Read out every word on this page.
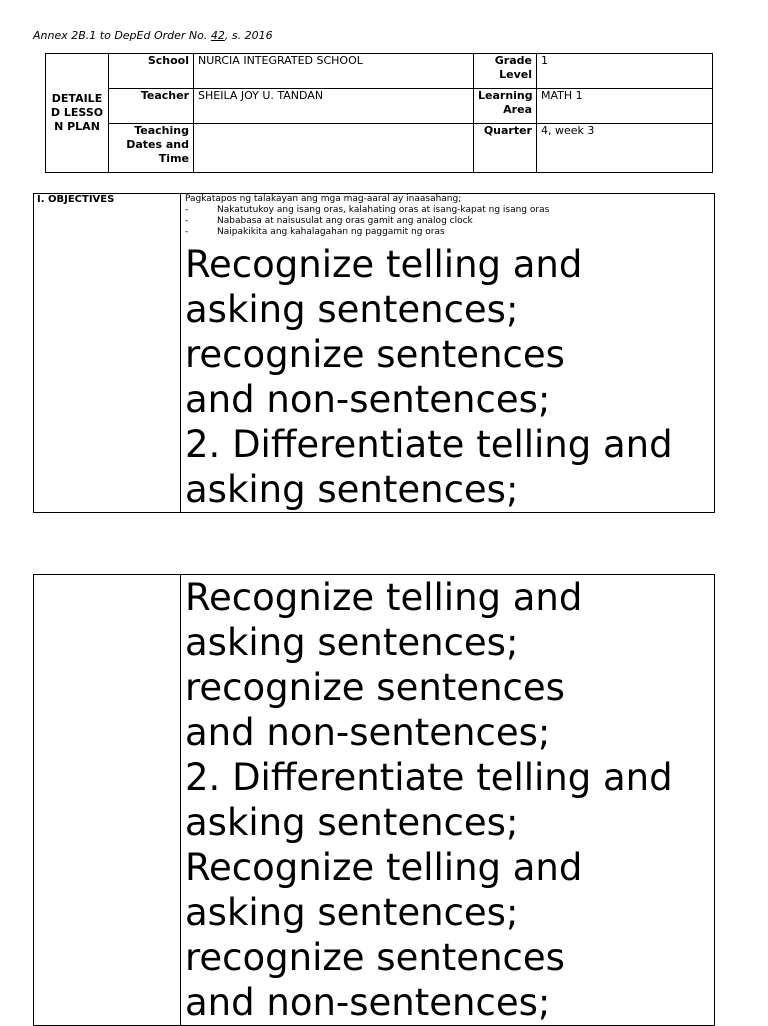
Annex 2B.1 to DepEd Order No. 42, s. 2016
DETAILED LESSON PLAN	School	NURCIA INTEGRATED SCHOOL	Grade Level	1
	Teacher	SHEILA JOY U. TANDAN	Learning Area	MATH 1
	Teaching Dates and Time		Quarter	4, week 3
I. OBJECTIVES	Pagkatapos ng talakayan ang mga mag-aaral ay inaasahang;
-	Nakatutukoy ang isang oras, kalahating oras at isang-kapat ng isang oras
-	Nababasa at naisusulat ang oras gamit ang analog clock
-	Naipakikita ang kahalagahan ng paggamit ng oras
Recognize telling and
asking sentences;
recognize sentences
and non-sentences;
2. Differentiate telling and
asking sentences;

Recognize telling and
asking sentences;
recognize sentences
and non-sentences;
2. Differentiate telling and
asking sentences;
Recognize telling and
asking sentences;
recognize sentences
and non-sentences;
